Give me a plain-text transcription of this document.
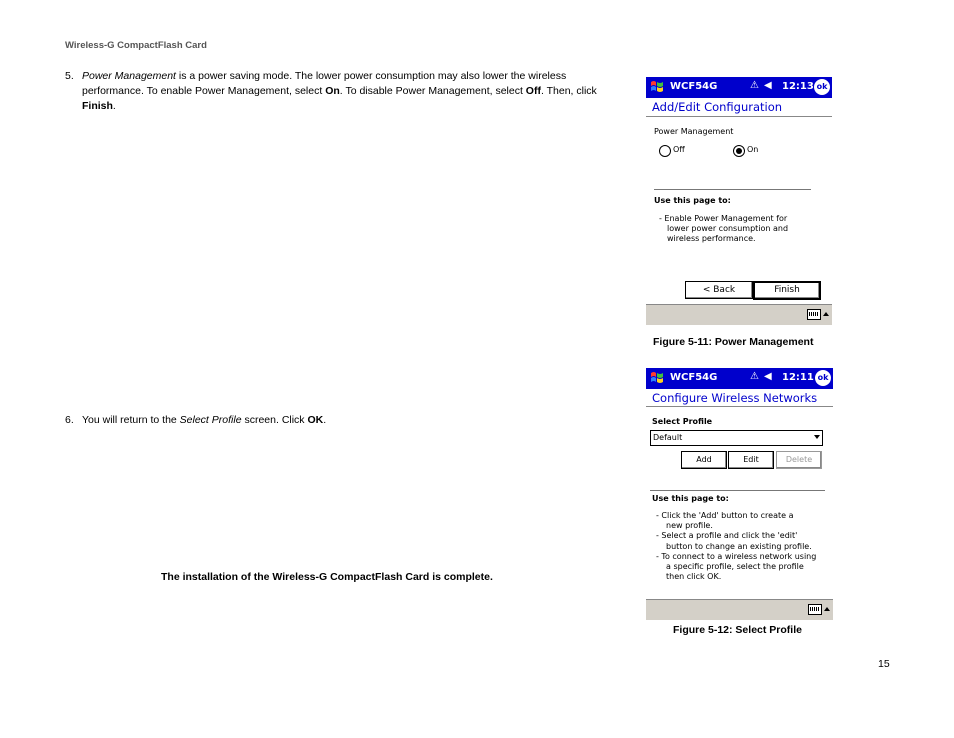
Wireless-G CompactFlash Card
5. Power Management is a power saving mode. The lower power consumption may also lower the wireless
performance. To enable Power Management, select On. To disable Power Management, select Off. Then, click
Finish.
6. You will return to the Select Profile screen. Click OK.
The installation of the Wireless-G CompactFlash Card is complete.
15
WCF54G	⚠ ◀ 12:13 ok
Add/Edit Configuration
Power Management
Off	On
Use this page to:
- Enable Power Management for
lower power consumption and
wireless performance.
< Back	Finish
Figure 5-11: Power Management
WCF54G	⚠ ◀ 12:11 ok
Configure Wireless Networks
Select Profile
Default
Add	Edit	Delete
Use this page to:
- Click the 'Add' button to create a
new profile.
- Select a profile and click the 'edit'
button to change an existing profile.
- To connect to a wireless network using
a specific profile, select the profile
then click OK.
Figure 5-12: Select Profile
